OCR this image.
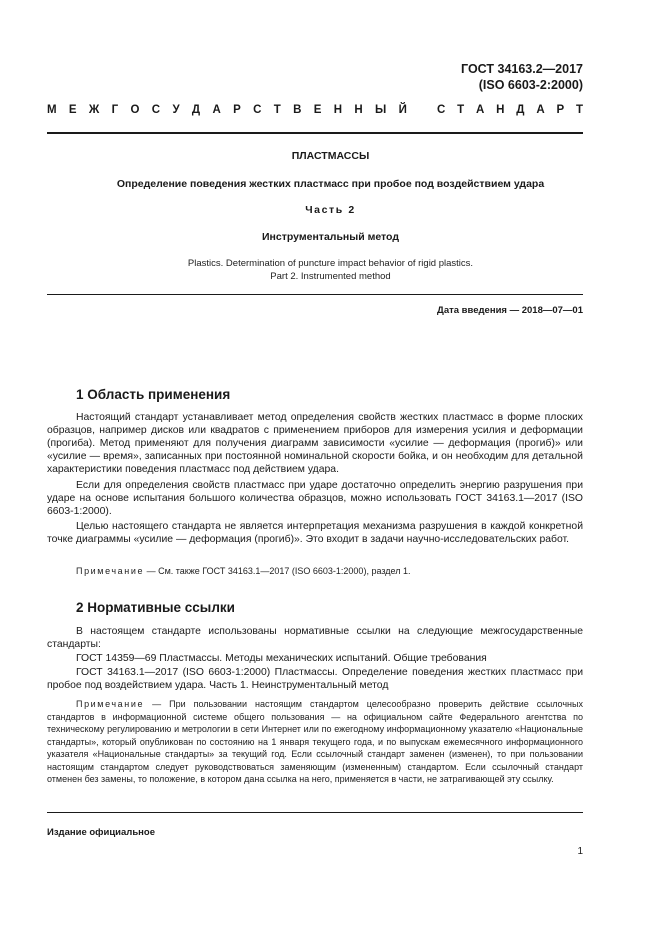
ГОСТ 34163.2—2017
(ISO 6603-2:2000)
М Е Ж Г О С У Д А Р С Т В Е Н Н Ы Й	С Т А Н Д А Р Т
ПЛАСТМАССЫ
Определение поведения жестких пластмасс при пробое под воздействием удара
Часть 2
Инструментальный метод
Plastics. Determination of puncture impact behavior of rigid plastics.
Part 2. Instrumented method
Дата введения — 2018—07—01
1 Область применения

Настоящий стандарт устанавливает метод определения свойств жестких пластмасс в форме плоских образцов, например дисков или квадратов с применением приборов для измерения усилия и деформации (прогиба). Метод применяют для получения диаграмм зависимости «усилие — деформация (прогиб)» или «усилие — время», записанных при постоянной номинальной скорости бойка, и он необходим для детальной характеристики поведения пластмасс под действием удара.

Если для определения свойств пластмасс при ударе достаточно определить энергию разрушения при ударе на основе испытания большого количества образцов, можно использовать ГОСТ 34163.1—2017 (ISO 6603-1:2000).

Целью настоящего стандарта не является интерпретация механизма разрушения в каждой конкретной точке диаграммы «усилие — деформация (прогиб)». Это входит в задачи научно-исследовательских работ.

Примечание — См. также ГОСТ 34163.1—2017 (ISO 6603-1:2000), раздел 1.

2 Нормативные ссылки

В настоящем стандарте использованы нормативные ссылки на следующие межгосударственные стандарты:

ГОСТ 14359—69 Пластмассы. Методы механических испытаний. Общие требования

ГОСТ 34163.1—2017 (ISO 6603-1:2000) Пластмассы. Определение поведения жестких пластмасс при пробое под воздействием удара. Часть 1. Неинструментальный метод

Примечание — При пользовании настоящим стандартом целесообразно проверить действие ссылочных стандартов в информационной системе общего пользования — на официальном сайте Федерального агентства по техническому регулированию и метрологии в сети Интернет или по ежегодному информационному указателю «Национальные стандарты», который опубликован по состоянию на 1 января текущего года, и по выпускам ежемесячного информационного указателя «Национальные стандарты» за текущий год. Если ссылочный стандарт заменен (изменен), то при пользовании настоящим стандартом следует руководствоваться заменяющим (измененным) стандартом. Если ссылочный стандарт отменен без замены, то положение, в котором дана ссылка на него, применяется в части, не затрагивающей эту ссылку.

Издание официальное
1
